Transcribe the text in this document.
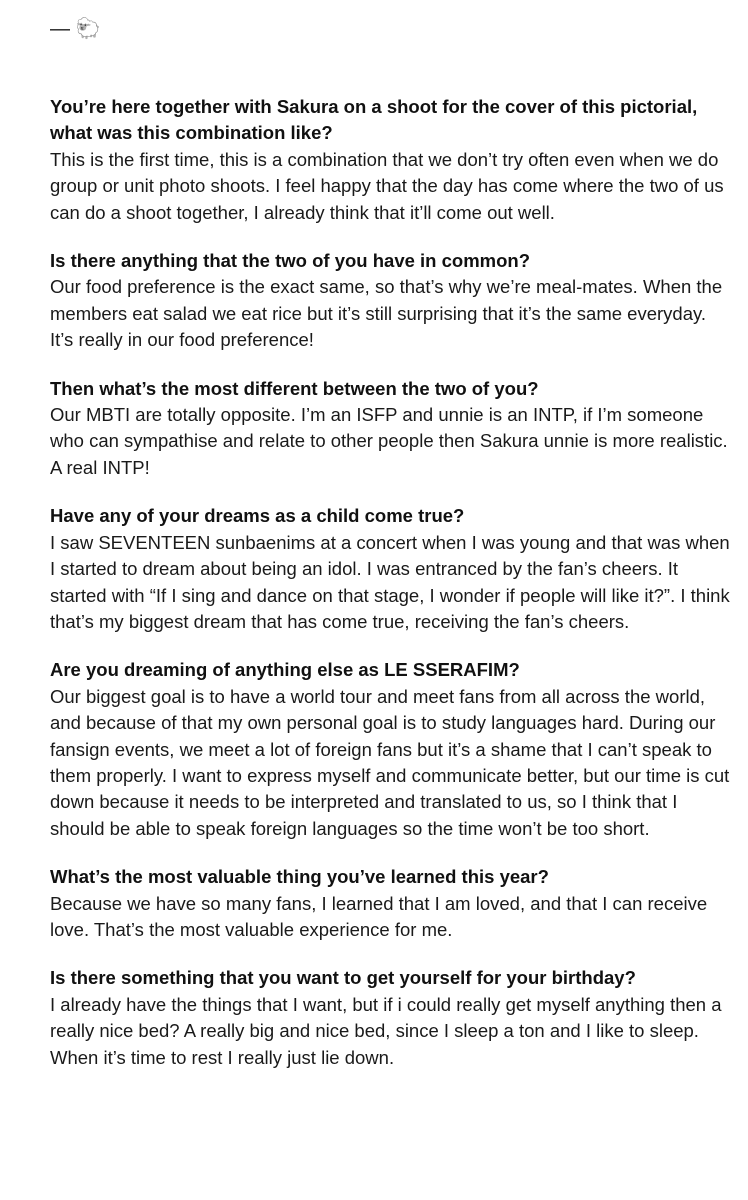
— 🐑

You’re here together with Sakura on a shoot for the cover of this pictorial, what was this combination like?

This is the first time, this is a combination that we don’t try often even when we do group or unit photo shoots. I feel happy that the day has come where the two of us can do a shoot together, I already think that it’ll come out well.

Is there anything that the two of you have in common?

Our food preference is the exact same, so that’s why we’re meal-mates. When the members eat salad we eat rice but it’s still surprising that it’s the same everyday. It’s really in our food preference!

Then what’s the most different between the two of you?

Our MBTI are totally opposite. I’m an ISFP and unnie is an INTP, if I’m someone who can sympathise and relate to other people then Sakura unnie is more realistic. A real INTP!

Have any of your dreams as a child come true?

I saw SEVENTEEN sunbaenims at a concert when I was young and that was when I started to dream about being an idol. I was entranced by the fan’s cheers. It started with “If I sing and dance on that stage, I wonder if people will like it?”. I think that’s my biggest dream that has come true, receiving the fan’s cheers.

Are you dreaming of anything else as LE SSERAFIM?

Our biggest goal is to have a world tour and meet fans from all across the world, and because of that my own personal goal is to study languages hard. During our fansign events, we meet a lot of foreign fans but it’s a shame that I can’t speak to them properly. I want to express myself and communicate better, but our time is cut down because it needs to be interpreted and translated to us, so I think that I should be able to speak foreign languages so the time won’t be too short.

What’s the most valuable thing you’ve learned this year?

Because we have so many fans, I learned that I am loved, and that I can receive love. That’s the most valuable experience for me.

Is there something that you want to get yourself for your birthday?

I already have the things that I want, but if i could really get myself anything then a really nice bed? A really big and nice bed, since I sleep a ton and I like to sleep. When it’s time to rest I really just lie down.
